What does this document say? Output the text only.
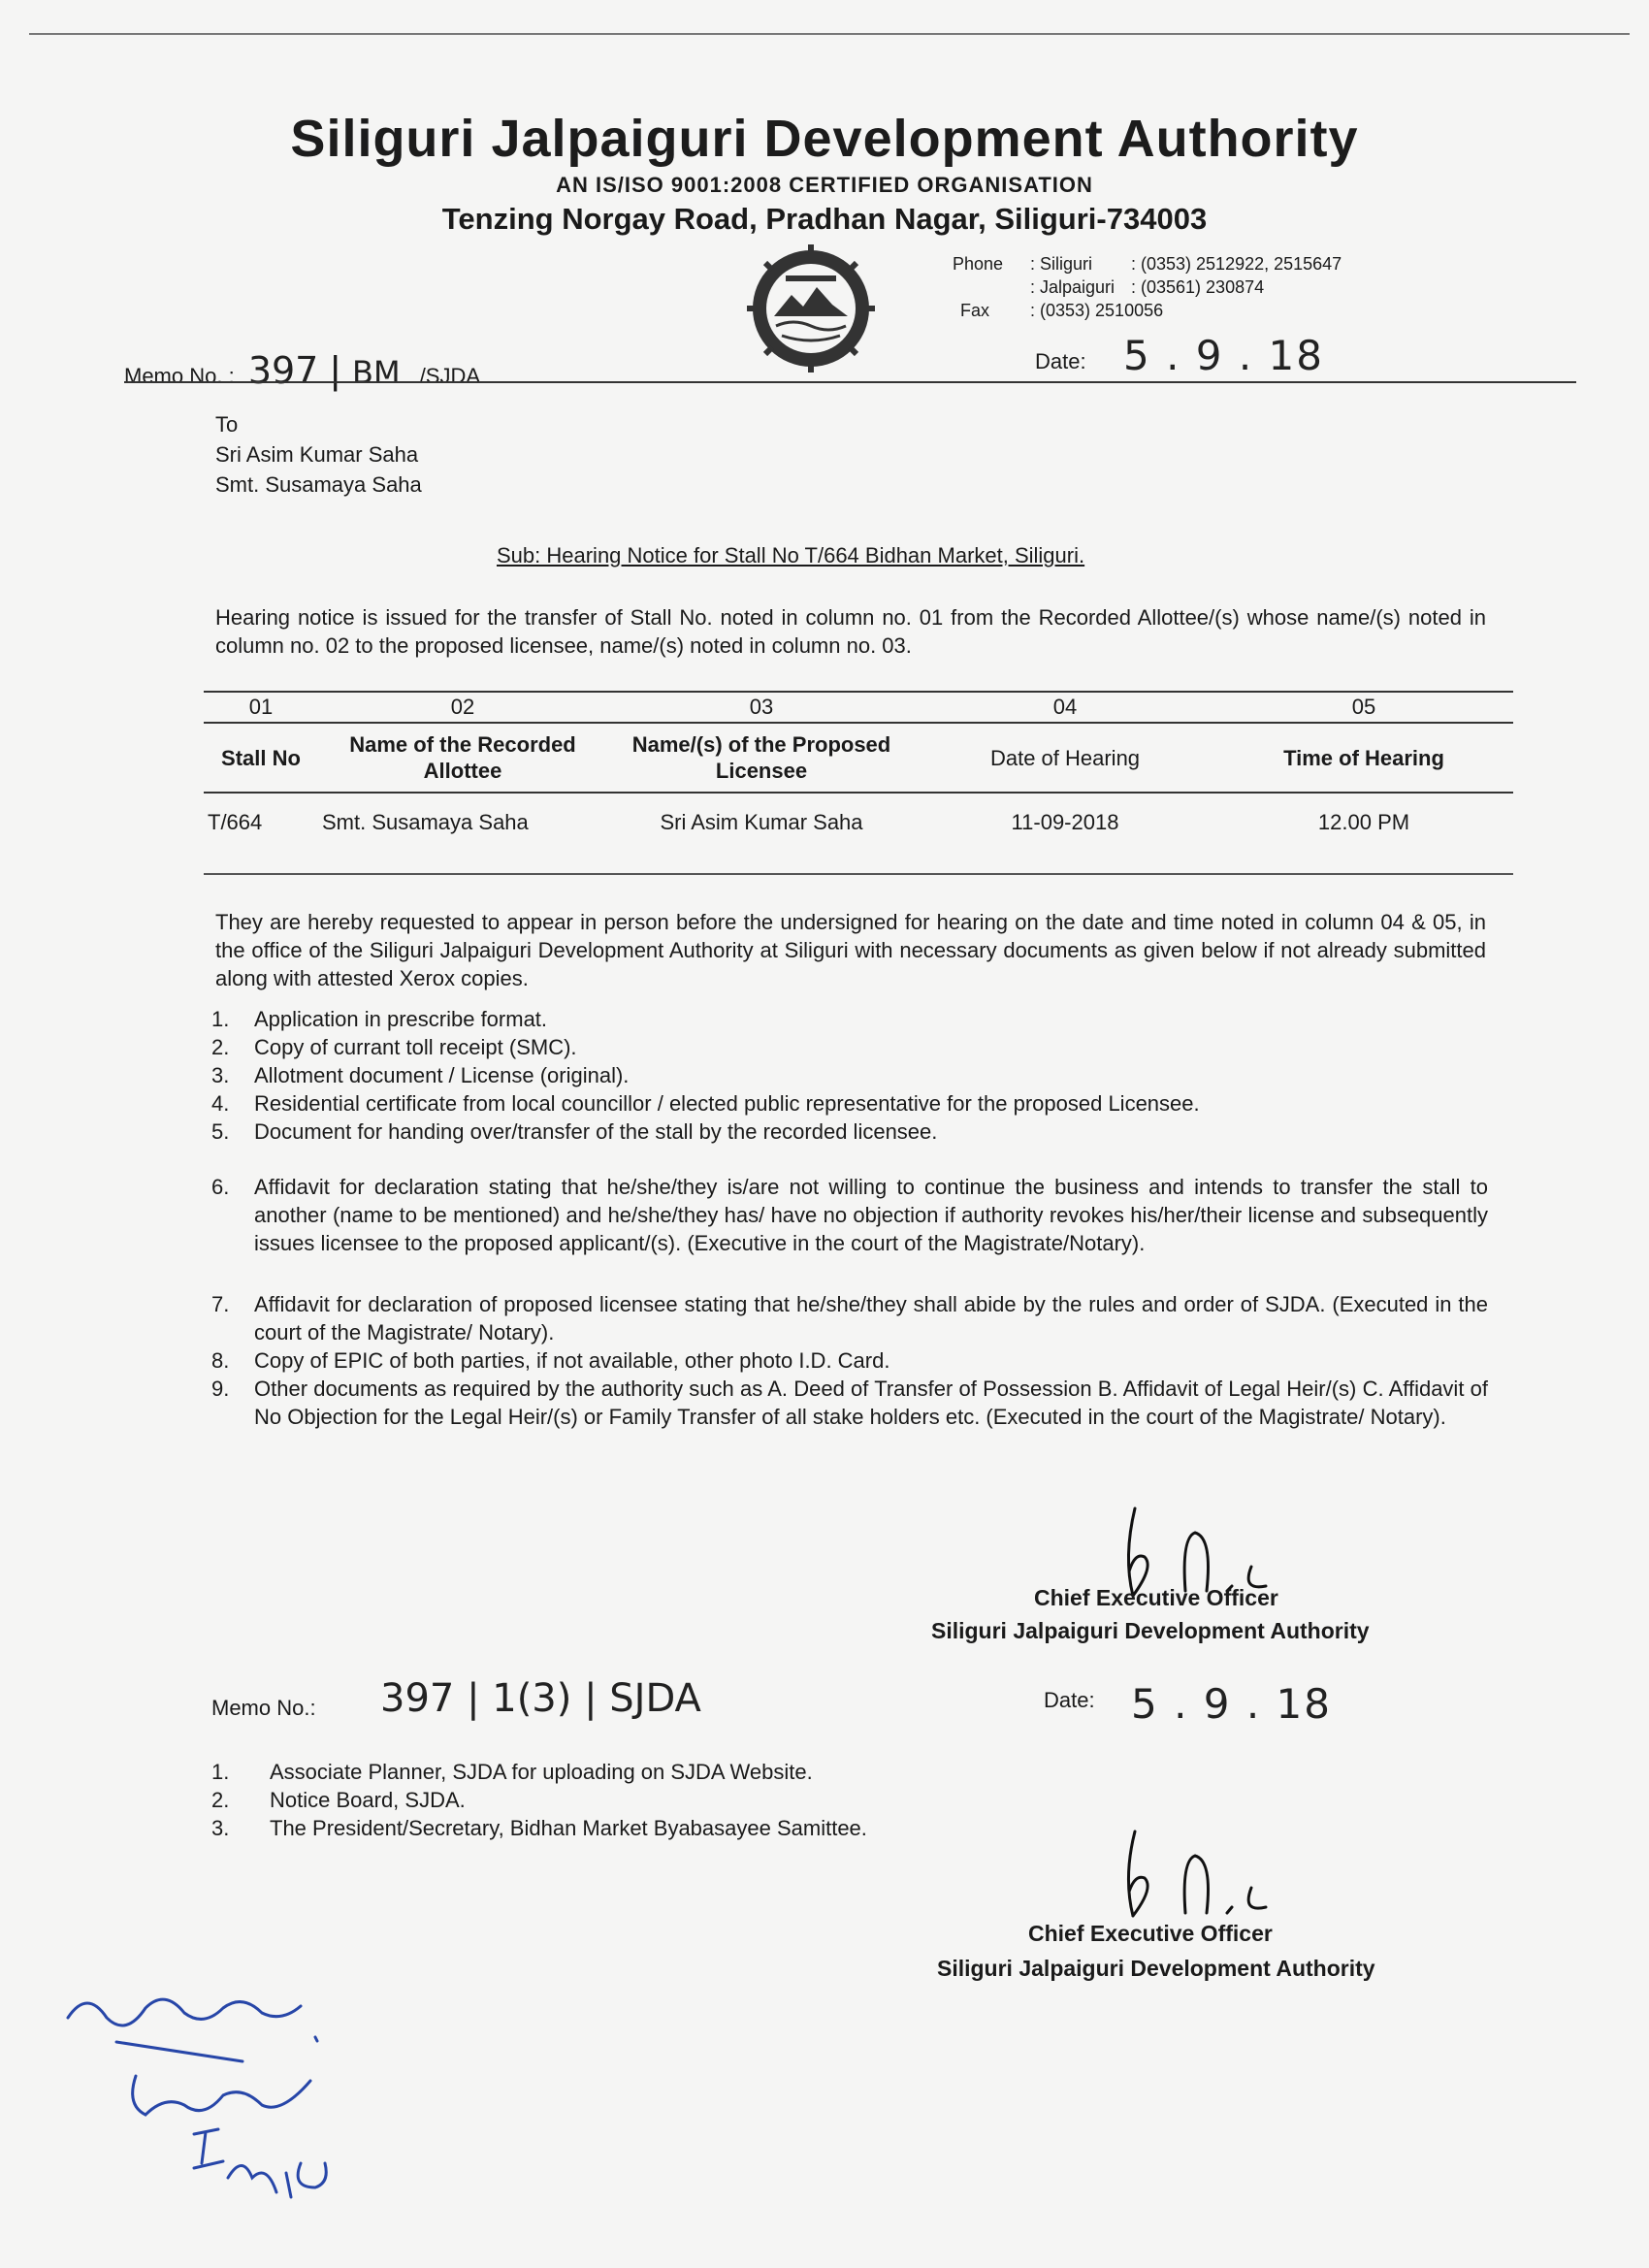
Siliguri Jalpaiguri Development Authority
AN IS/ISO 9001:2008 CERTIFIED ORGANISATION
Tenzing Norgay Road, Pradhan Nagar, Siliguri-734003
Phone : Siliguri : (0353) 2512922, 2515647
: Jalpaiguri : (03561) 230874
Fax : (0353) 2510056
Memo No. : 397 | BM /SJDA
Date: 5 . 9 . 18
To
Sri Asim Kumar Saha
Smt. Susamaya Saha
Sub: Hearing Notice for Stall No T/664 Bidhan Market, Siliguri.
Hearing notice is issued for the transfer of Stall No. noted in column no. 01 from the Recorded Allottee/(s) whose name/(s) noted in column no. 02 to the proposed licensee, name/(s) noted in column no. 03.
01	02	03	04	05
Stall No	Name of the Recorded Allottee	Name/(s) of the Proposed Licensee	Date of Hearing	Time of Hearing
T/664	Smt. Susamaya Saha	Sri Asim Kumar Saha	11-09-2018	12.00 PM
They are hereby requested to appear in person before the undersigned for hearing on the date and time noted in column 04 & 05, in the office of the Siliguri Jalpaiguri Development Authority at Siliguri with necessary documents as given below if not already submitted along with attested Xerox copies.
1. Application in prescribe format.
2. Copy of currant toll receipt (SMC).
3. Allotment document / License (original).
4. Residential certificate from local councillor / elected public representative for the proposed Licensee.
5. Document for handing over/transfer of the stall by the recorded licensee.
6. Affidavit for declaration stating that he/she/they is/are not willing to continue the business and intends to transfer the stall to another (name to be mentioned) and he/she/they has/ have no objection if authority revokes his/her/their license and subsequently issues licensee to the proposed applicant/(s). (Executive in the court of the Magistrate/Notary).
7. Affidavit for declaration of proposed licensee stating that he/she/they shall abide by the rules and order of SJDA. (Executed in the court of the Magistrate/ Notary).
8. Copy of EPIC of both parties, if not available, other photo I.D. Card.
9. Other documents as required by the authority such as A. Deed of Transfer of Possession B. Affidavit of Legal Heir/(s) C. Affidavit of No Objection for the Legal Heir/(s) or Family Transfer of all stake holders etc. (Executed in the court of the Magistrate/ Notary).
Chief Executive Officer
Siliguri Jalpaiguri Development Authority
Memo No.: 397 | 1(3) | SJDA	Date: 5 . 9 . 18
1. Associate Planner, SJDA for uploading on SJDA Website.
2. Notice Board, SJDA.
3. The President/Secretary, Bidhan Market Byabasayee Samittee.
Chief Executive Officer
Siliguri Jalpaiguri Development Authority
